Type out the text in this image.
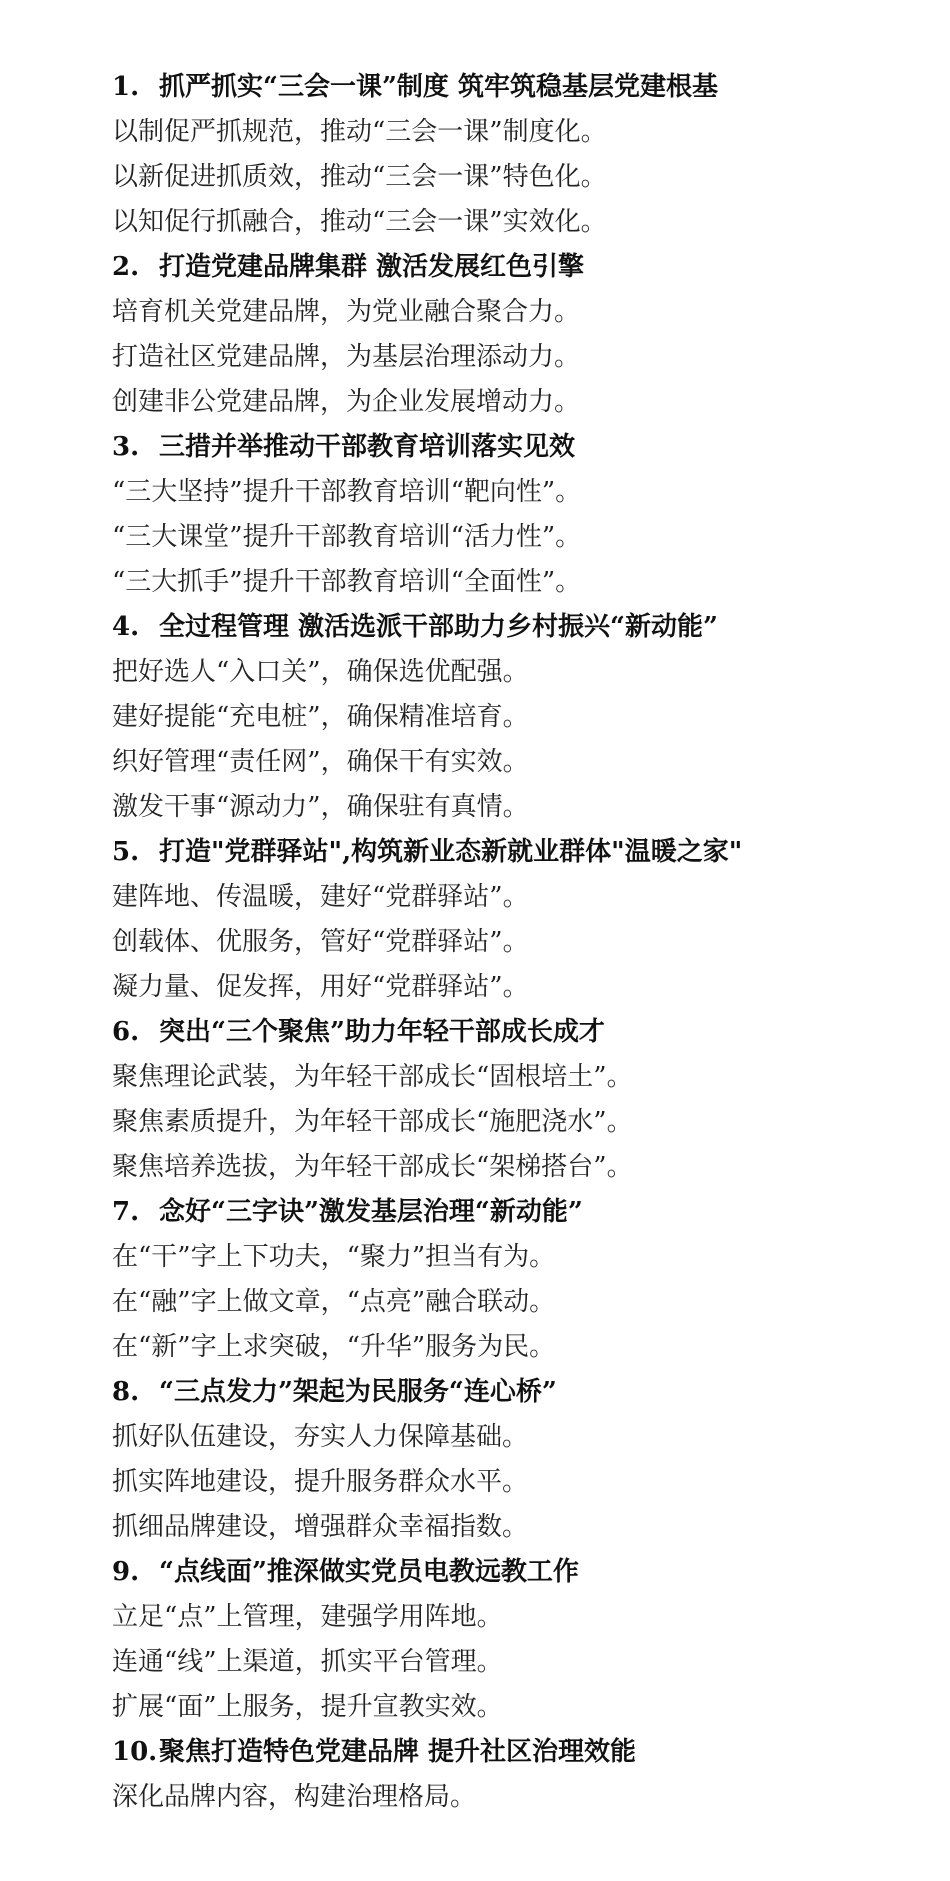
1. 抓严抓实“三会一课”制度 筑牢筑稳基层党建根基
以制促严抓规范，推动“三会一课”制度化。
以新促进抓质效，推动“三会一课”特色化。
以知促行抓融合，推动“三会一课”实效化。
2. 打造党建品牌集群 激活发展红色引擎
培育机关党建品牌，为党业融合聚合力。
打造社区党建品牌，为基层治理添动力。
创建非公党建品牌，为企业发展增动力。
3. 三措并举推动干部教育培训落实见效
“三大坚持”提升干部教育培训“靶向性”。
“三大课堂”提升干部教育培训“活力性”。
“三大抓手”提升干部教育培训“全面性”。
4. 全过程管理 激活选派干部助力乡村振兴“新动能”
把好选人“入口关”，确保选优配强。
建好提能“充电桩”，确保精准培育。
织好管理“责任网”，确保干有实效。
激发干事“源动力”，确保驻有真情。
5. 打造"党群驿站",构筑新业态新就业群体"温暖之家"
建阵地、传温暖，建好“党群驿站”。
创载体、优服务，管好“党群驿站”。
凝力量、促发挥，用好“党群驿站”。
6. 突出“三个聚焦”助力年轻干部成长成才
聚焦理论武装，为年轻干部成长“固根培土”。
聚焦素质提升，为年轻干部成长“施肥浇水”。
聚焦培养选拔，为年轻干部成长“架梯搭台”。
7. 念好“三字诀”激发基层治理“新动能”
在“干”字上下功夫，“聚力”担当有为。
在“融”字上做文章，“点亮”融合联动。
在“新”字上求突破，“升华”服务为民。
8. “三点发力”架起为民服务“连心桥”
抓好队伍建设，夯实人力保障基础。
抓实阵地建设，提升服务群众水平。
抓细品牌建设，增强群众幸福指数。
9. “点线面”推深做实党员电教远教工作
立足“点”上管理，建强学用阵地。
连通“线”上渠道，抓实平台管理。
扩展“面”上服务，提升宣教实效。
10.聚焦打造特色党建品牌 提升社区治理效能
深化品牌内容，构建治理格局。
